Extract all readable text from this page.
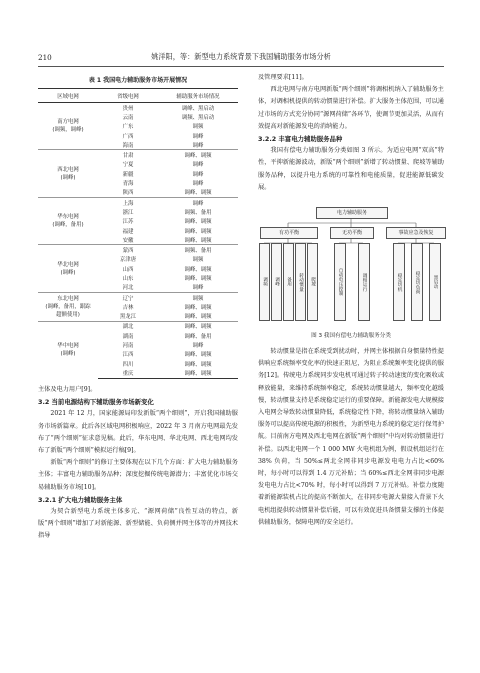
210	姚洋阳，等：新型电力系统背景下我国辅助服务市场分析
表 1 我国电力辅助服务市场开展情况
区域电网	省级电网	辅助服务市场情况
南方电网
(调频，调峰)	贵州	调峰、黑启动
	云南	调频、黑启动
	广东	调频
	广西	调峰
	海南	调峰
西北电网
(调峰)	甘肃	调峰、调频
	宁夏	调峰
	新疆	调峰
	青海	调峰
	陕西	调峰、调频
华东电网
(调峰，备用)	上海	调峰
	浙江	调频、备用
	江苏	调峰、调频
	福建	调峰、调频
	安徽	调峰、调频
华北电网
(调峰)	蒙西	调频、备用
	京津唐	调频
	山西	调峰、调频
	山东	调峰、调频
	河北	调峰
东北电网
(调峰，备用，跟踪
超额使用)	辽宁	调频
	吉林	调峰、调频
	黑龙江	调峰、调频
华中电网
(调峰)	湖北	调峰、调频
	湖南	调峰、备用
	河南	调峰
	江西	调峰、调频
	四川	调峰、调频
	重庆	调峰、调频

主体及电力用户[9]。

3.2 当前电源结构下辅助服务市场新变化

2021 年 12 月，国家能源局印发新版“两个细则”，开启我国辅助服务市场新篇章。此后各区域电网积极响应，2022 年 3 月南方电网最先发布了“两个细则”征求意见稿。此后，华东电网、华北电网、西北电网均发布了新版“两个细则”模拟运行稿[9]。

新版“两个细则”的修订主要体现在以下几个方面：扩大电力辅助服务主体；丰富电力辅助服务品种；深度挖掘传统电源潜力；丰富优化市场交易辅助服务市场[10]。

3.2.1 扩大电力辅助服务主体

为契合新型电力系统主体多元、“源网荷储”良性互动的特点，新版“两个细则”增加了对新能源、新型储能、负荷侧并网主体等的并网技术指导

及管理要求[11]。

西北电网与南方电网新版“两个细则”将调相机纳入了辅助服务主体，对调相机提供的转动惯量进行补偿。扩大服务主体范围，可以通过市场的方式充分协同“源网荷储”各环节，使调节更加灵活，从而有效提高对新能源发电的消纳能力。

3.2.2 丰富电力辅助服务品种

我国有偿电力辅助服务分类如图 3 所示。为适应电网“双高”特性，平抑新能源波动，新版“两个细则”新增了转动惯量、爬坡等辅助服务品种，以提升电力系统的可靠性和电能质量，促进能源低碳发展。

电力辅助服务
有功平衡	无功平衡	事故应急及恢复
调频	调峰	备用	转动惯量	爬坡	自动电压控制	调相运行	稳定切机	稳定切负荷	黑启动
图 3 我国有偿电力辅助服务分类

转动惯量是指在系统受到扰动时，并网主体根据自身惯量特性提供响应系统频率变化率的快速正阻尼，为阻止系统频率变化提供的服务[12]。传统电力系统同步发电机可通过转子转动速度的变化吸收或释放能量，来维持系统频率稳定，系统转动惯量越大，频率变化越缓慢，转动惯量支持是系统稳定运行的重要保障。新能源发电大规模接入电网会导致转动惯量降低，系统稳定性下降，将转动惯量纳入辅助服务可以提高传统电源的积极性，为新型电力系统的稳定运行保驾护航。目前南方电网及西北电网在新版“两个细则”中均对转动惯量进行补偿。以西北电网一个 1 000 MW 火电机组为例，假设机组运行在 38% 负荷，当 50%≤两北全网非同步电源发电电力占比<60% 时，每小时可以得到 1.4 万元补贴；当 60%≤西北全网非同步电源发电电力占比<70% 时，每小时可以得到 7 万元补贴。补偿力度随着新能源装机占比的提高不断加大，在非同步电源大量接入背景下火电机组提供转动惯量补偿后能，可以有效促进具备惯量支撑的主体提供辅助服务，保障电网的安全运行。
